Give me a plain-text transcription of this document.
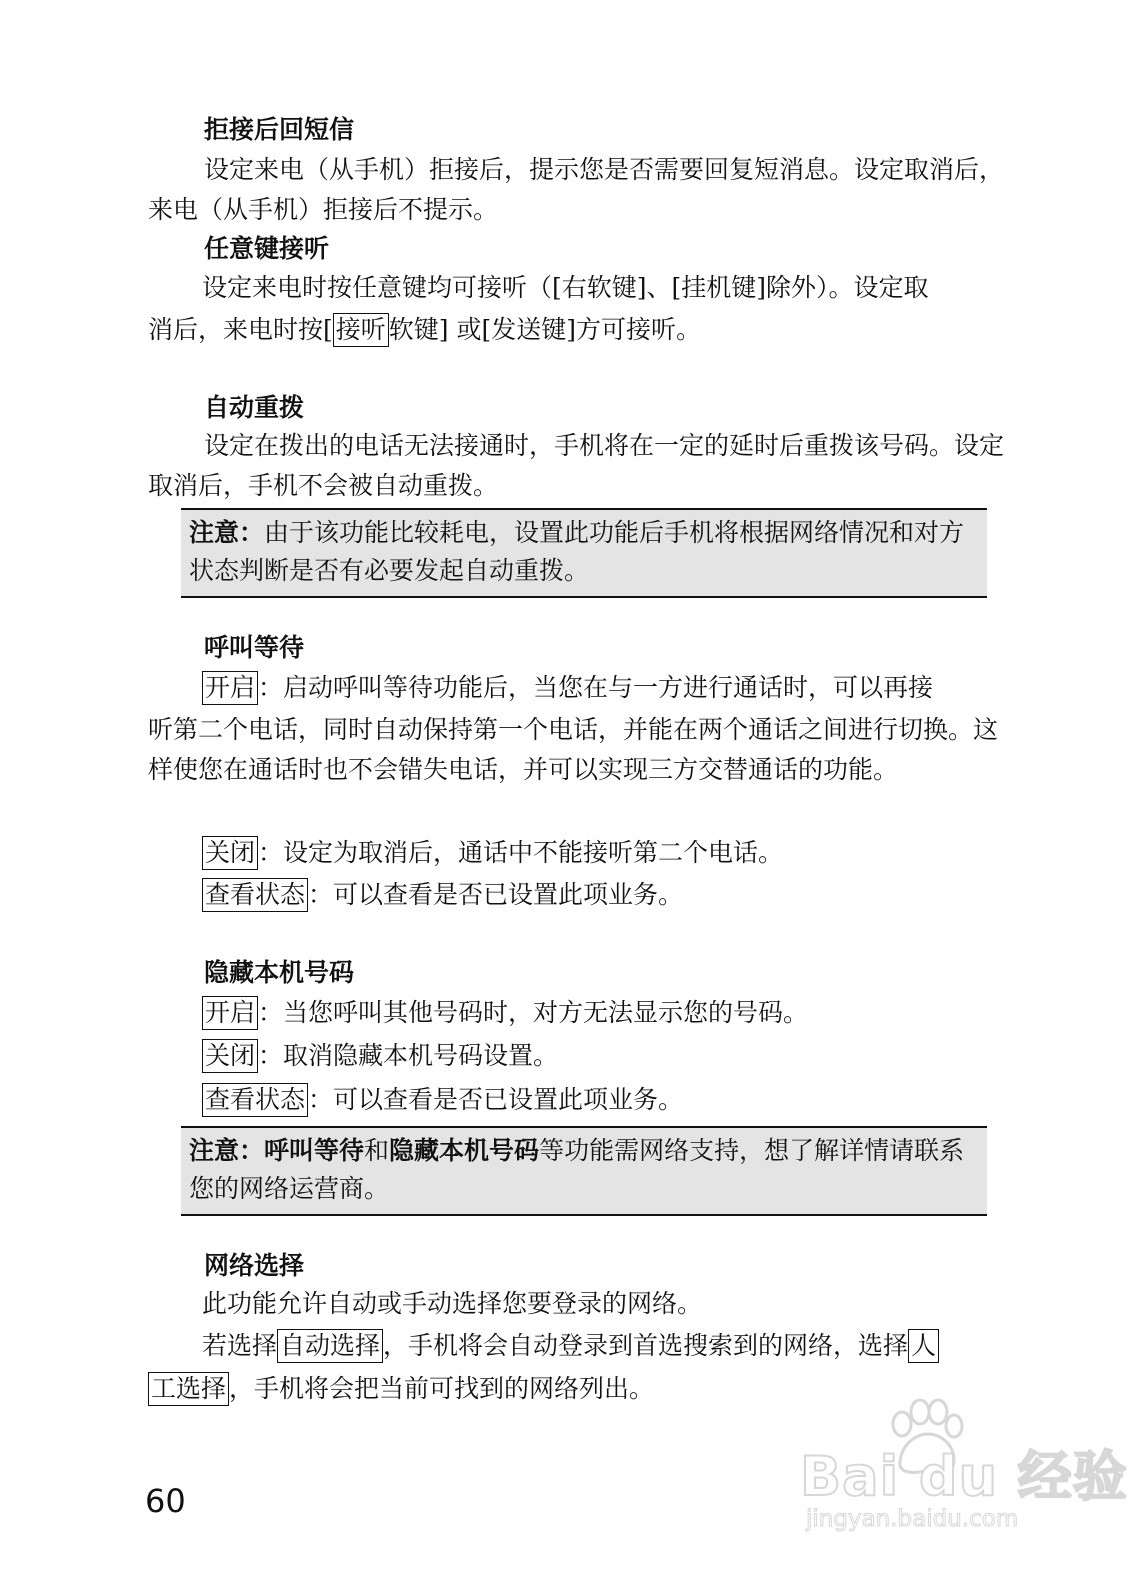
拒接后回短信
设定来电（从手机）拒接后，提示您是否需要回复短消息。设定取消后，来电（从手机）拒接后不提示。
任意键接听
设定来电时按任意键均可接听（[右软键]、[挂机键]除外）。设定取
消后，来电时按[ 接听 软键] 或[发送键]方可接听。
自动重拨
设定在拨出的电话无法接通时，手机将在一定的延时后重拨该号码。设定取消后，手机不会被自动重拨。
注意：由于该功能比较耗电，设置此功能后手机将根据网络情况和对方状态判断是否有必要发起自动重拨。
呼叫等待
开启 ：启动呼叫等待功能后，当您在与一方进行通话时，可以再接
听第二个电话，同时自动保持第一个电话，并能在两个通话之间进行切换。这样使您在通话时也不会错失电话，并可以实现三方交替通话的功能。
关闭 ：设定为取消后，通话中不能接听第二个电话。
查看状态 ：可以查看是否已设置此项业务。
隐藏本机号码
开启 ：当您呼叫其他号码时，对方无法显示您的号码。
关闭 ：取消隐藏本机号码设置。
查看状态 ：可以查看是否已设置此项业务。
注意：呼叫等待和隐藏本机号码等功能需网络支持，想了解详情请联系您的网络运营商。
网络选择
此功能允许自动或手动选择您要登录的网络。
若选择 自动选择 ，手机将会自动登录到首选搜索到的网络，选择 人
工选择 ，手机将会把当前可找到的网络列出。
60	Bai du 经验
jingyan.baidu.com
